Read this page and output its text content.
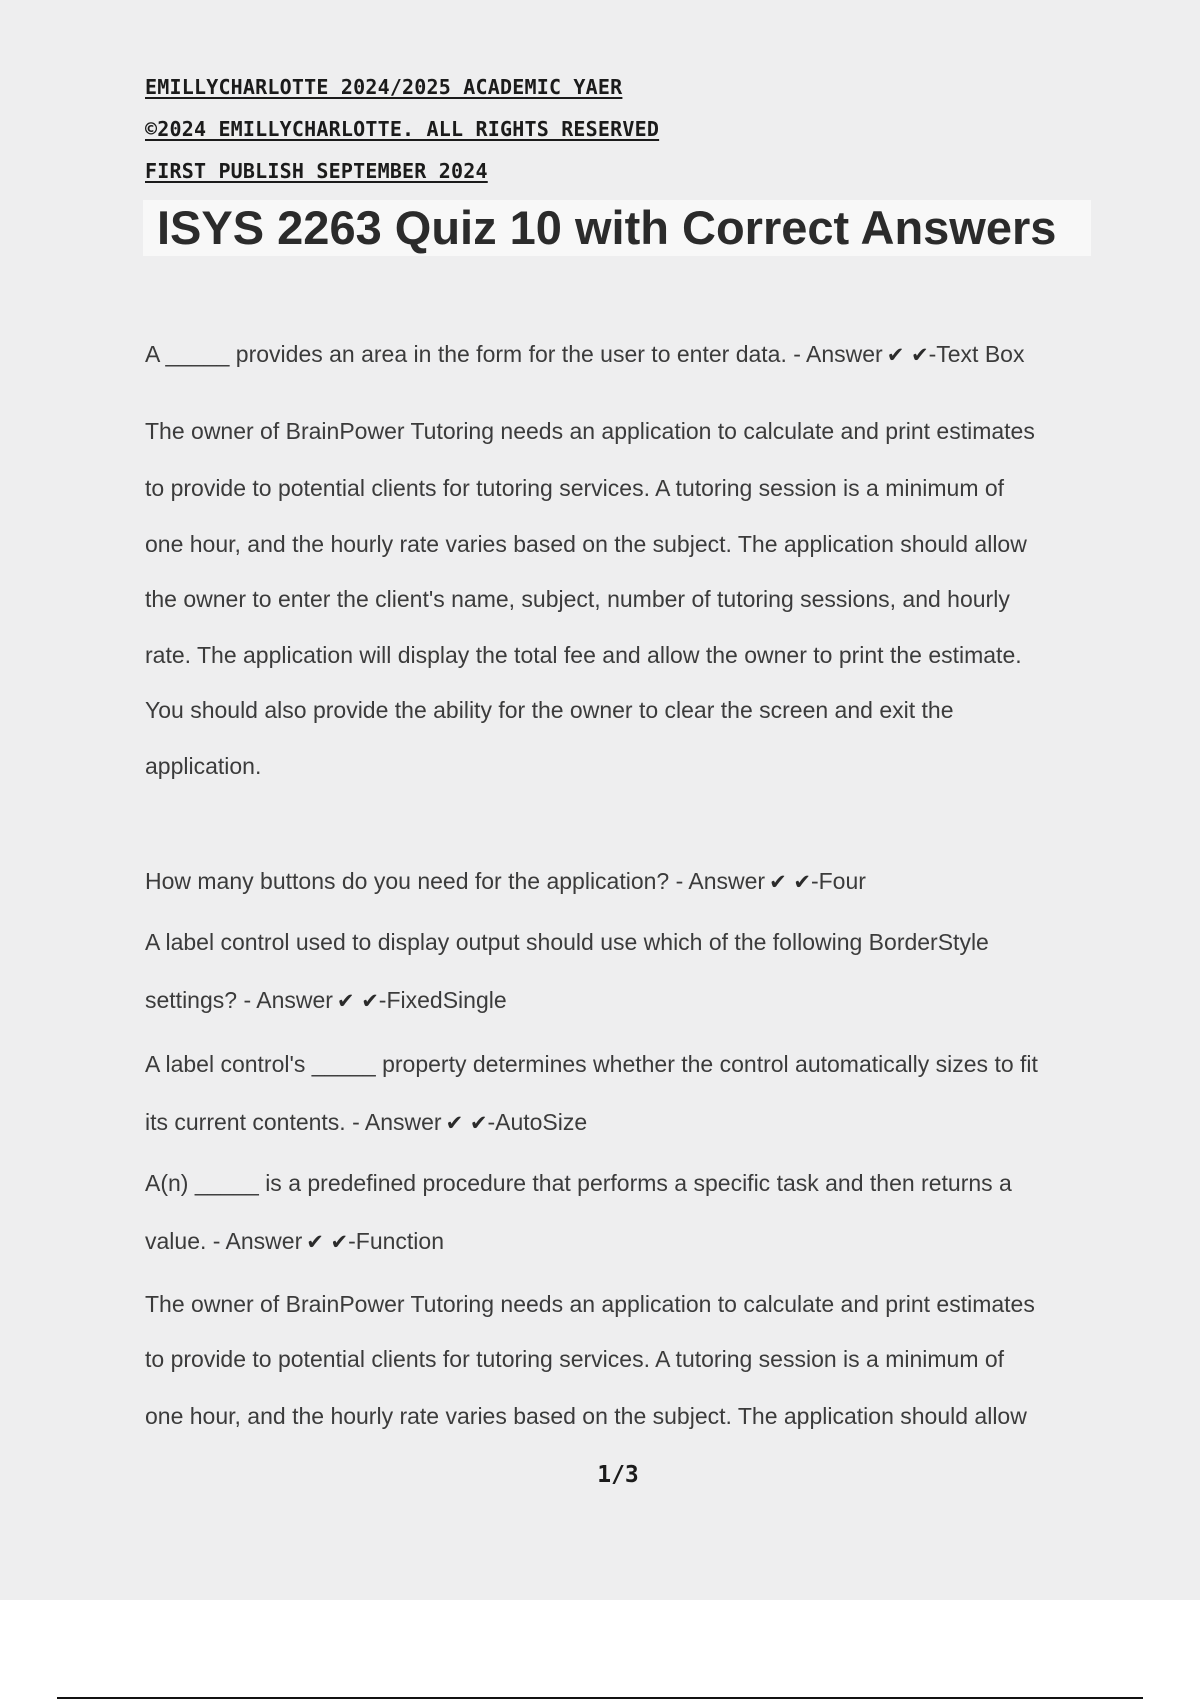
EMILLYCHARLOTTE 2024/2025 ACADEMIC YAER
©2024 EMILLYCHARLOTTE. ALL RIGHTS RESERVED
FIRST PUBLISH SEPTEMBER 2024
ISYS 2263 Quiz 10 with Correct Answers
A _____ provides an area in the form for the user to enter data. - Answer ✔ ✔-Text Box
The owner of BrainPower Tutoring needs an application to calculate and print estimates
to provide to potential clients for tutoring services. A tutoring session is a minimum of
one hour, and the hourly rate varies based on the subject. The application should allow
the owner to enter the client's name, subject, number of tutoring sessions, and hourly
rate. The application will display the total fee and allow the owner to print the estimate.
You should also provide the ability for the owner to clear the screen and exit the
application.
How many buttons do you need for the application? - Answer ✔ ✔-Four
A label control used to display output should use which of the following BorderStyle
settings? - Answer ✔ ✔-FixedSingle
A label control's _____ property determines whether the control automatically sizes to fit
its current contents. - Answer ✔ ✔-AutoSize
A(n) _____ is a predefined procedure that performs a specific task and then returns a
value. - Answer ✔ ✔-Function
The owner of BrainPower Tutoring needs an application to calculate and print estimates
to provide to potential clients for tutoring services. A tutoring session is a minimum of
one hour, and the hourly rate varies based on the subject. The application should allow
1/3
